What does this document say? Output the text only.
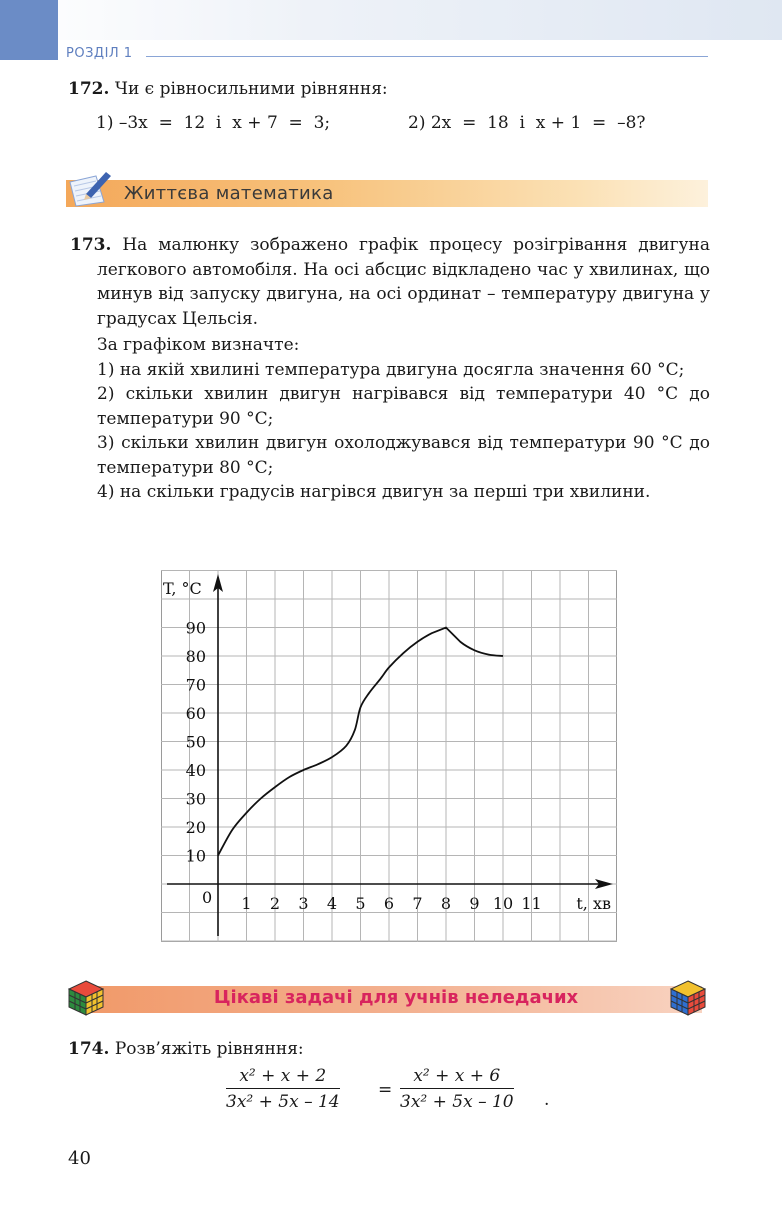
РОЗДІЛ 1
172. Чи є рівносильними рівняння:
1) –3x  =  12  і  x + 7  =  3;	2) 2x  =  18  і  x + 1  =  –8?
Життєва математика

173. На малюнку зображено графік процесу розігрівання двигуна легкового автомобіля. На осі абсцис відкладено час у хвилинах, що минув від запуску двигуна, на осі ординат – температуру двигуна у градусах Цельсія.

За графіком визначте:

1) на якій хвилині температура двигуна досягла значення 60 °С;

2) скільки хвилин двигун нагрівався від температури 40 °С до температури 90 °С;

3) скільки хвилин двигун охолоджувався від температури 90 °С до температури 80 °С;

4) на скільки градусів нагрівся двигун за перші три хвилини.

1 2 3 4 5 6 7 8 9 10 11
10
20
30
40
50
60
70
80
90
0	t, хв
T, °C
Цікаві задачі для учнів неледачих
174. Розв’яжіть рівняння:
$\frac{\text{x² + x + 2}}{\text{3x² + 5x – 14}} = \frac{\text{x² + x + 6}}{\text{3x² + 5x – 10}}$ .
40
